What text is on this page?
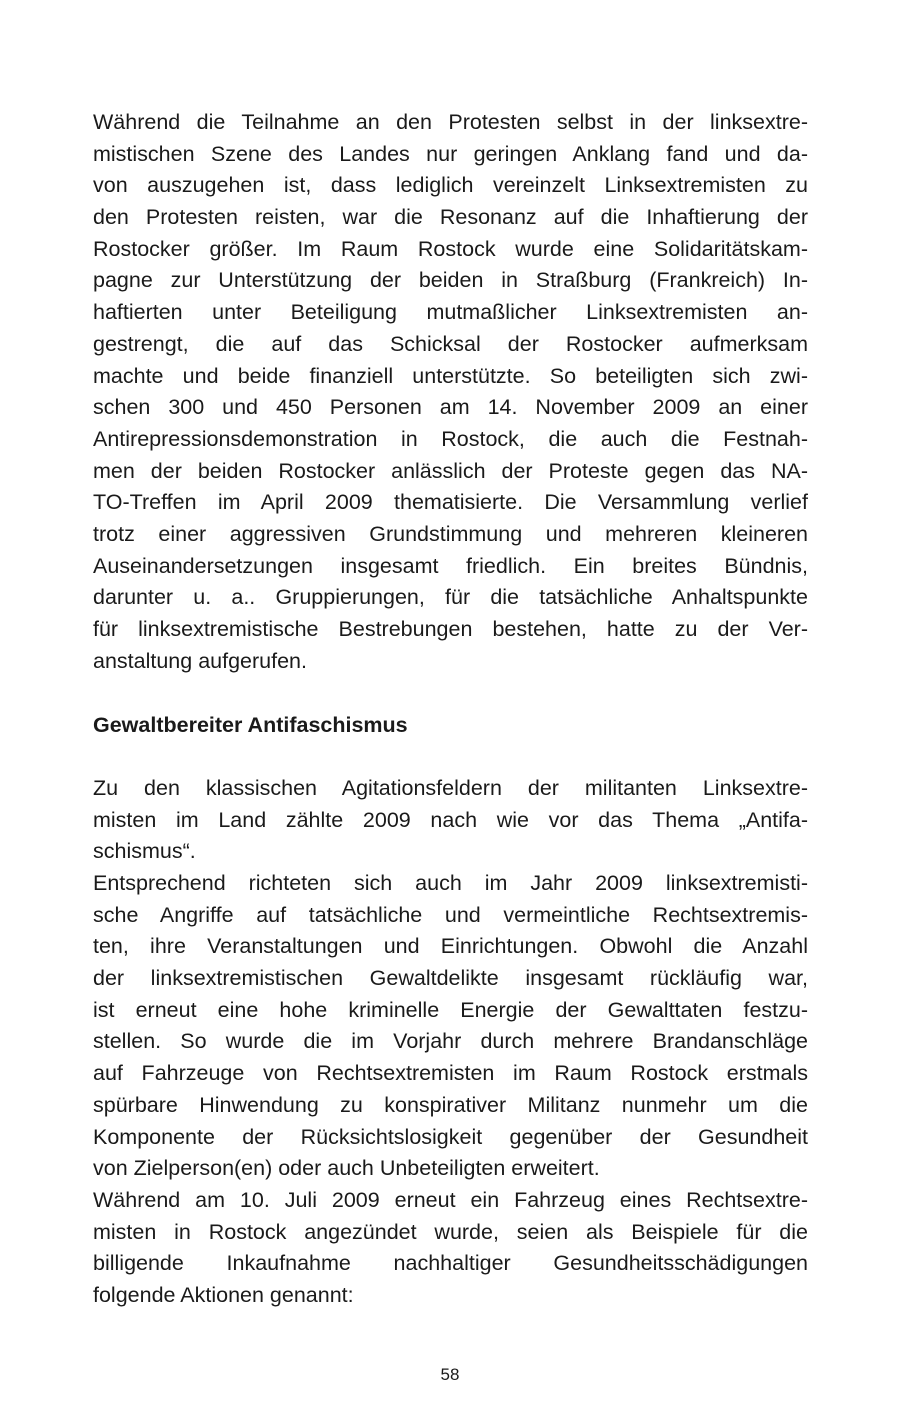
Während die Teilnahme an den Protesten selbst in der linksextre-
mistischen Szene des Landes nur geringen Anklang fand und da-
von auszugehen ist, dass lediglich vereinzelt Linksextremisten zu
den Protesten reisten, war die Resonanz auf die Inhaftierung der
Rostocker größer. Im Raum Rostock wurde eine Solidaritätskam-
pagne zur Unterstützung der beiden in Straßburg (Frankreich) In-
haftierten unter Beteiligung mutmaßlicher Linksextremisten an-
gestrengt, die auf das Schicksal der Rostocker aufmerksam
machte und beide finanziell unterstützte. So beteiligten sich zwi-
schen 300 und 450 Personen am 14. November 2009 an einer
Antirepressionsdemonstration in Rostock, die auch die Festnah-
men der beiden Rostocker anlässlich der Proteste gegen das NA-
TO-Treffen im April 2009 thematisierte. Die Versammlung verlief
trotz einer aggressiven Grundstimmung und mehreren kleineren
Auseinandersetzungen insgesamt friedlich. Ein breites Bündnis,
darunter u. a.. Gruppierungen, für die tatsächliche Anhaltspunkte
für linksextremistische Bestrebungen bestehen, hatte zu der Ver-
anstaltung aufgerufen.
Gewaltbereiter Antifaschismus
Zu den klassischen Agitationsfeldern der militanten Linksextre-
misten im Land zählte 2009 nach wie vor das Thema „Antifa-
schismus“.
Entsprechend richteten sich auch im Jahr 2009 linksextremisti-
sche Angriffe auf tatsächliche und vermeintliche Rechtsextremis-
ten, ihre Veranstaltungen und Einrichtungen. Obwohl die Anzahl
der linksextremistischen Gewaltdelikte insgesamt rückläufig war,
ist erneut eine hohe kriminelle Energie der Gewalttaten festzu-
stellen. So wurde die im Vorjahr durch mehrere Brandanschläge
auf Fahrzeuge von Rechtsextremisten im Raum Rostock erstmals
spürbare Hinwendung zu konspirativer Militanz nunmehr um die
Komponente der Rücksichtslosigkeit gegenüber der Gesundheit
von Zielperson(en) oder auch Unbeteiligten erweitert.
Während am 10. Juli 2009 erneut ein Fahrzeug eines Rechtsextre-
misten in Rostock angezündet wurde, seien als Beispiele für die
billigende Inkaufnahme nachhaltiger Gesundheitsschädigungen
folgende Aktionen genannt:
58
